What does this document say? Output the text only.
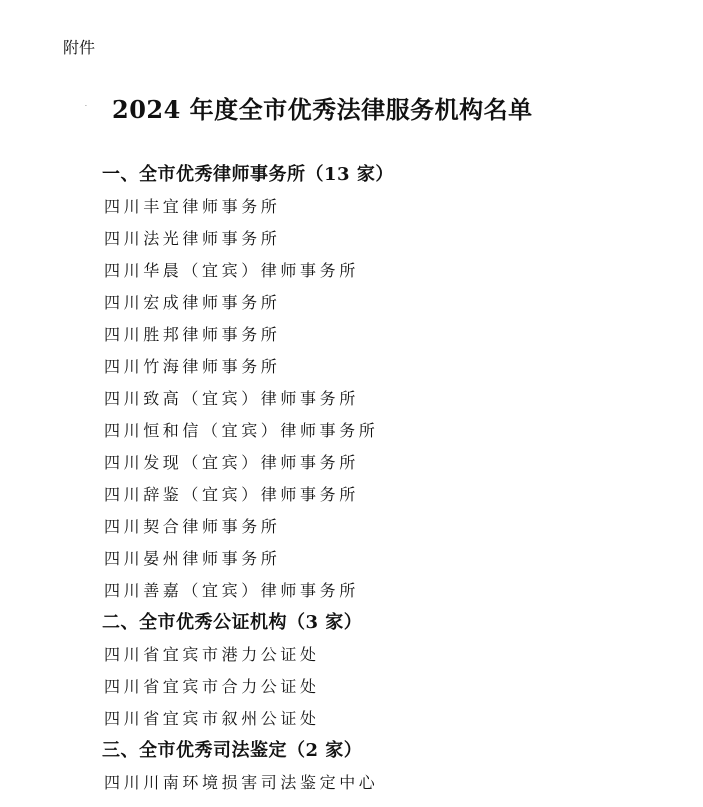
附件
· 2024 年度全市优秀法律服务机构名单
一、全市优秀律师事务所（13 家）
四川丰宜律师事务所
四川法光律师事务所
四川华晨（宜宾）律师事务所
四川宏成律师事务所
四川胜邦律师事务所
四川竹海律师事务所
四川致高（宜宾）律师事务所
四川恒和信（宜宾）律师事务所
四川发现（宜宾）律师事务所
四川辞鉴（宜宾）律师事务所
四川契合律师事务所
四川晏州律师事务所
四川善嘉（宜宾）律师事务所
二、全市优秀公证机构（3 家）
四川省宜宾市港力公证处
四川省宜宾市合力公证处
四川省宜宾市叙州公证处
三、全市优秀司法鉴定（2 家）
四川川南环境损害司法鉴定中心
